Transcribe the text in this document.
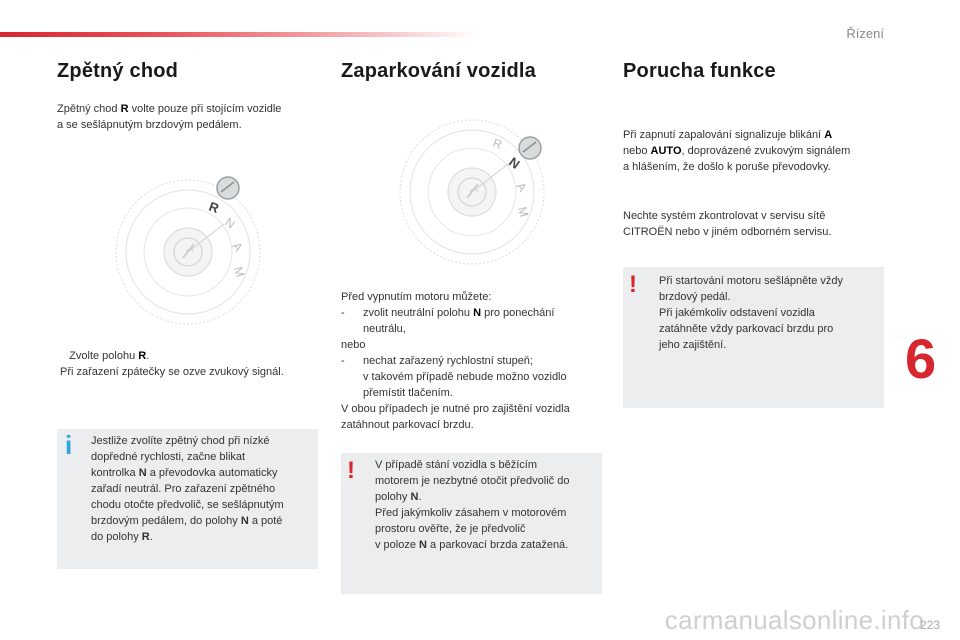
Řízení
6
Zpětný chod
Zpětný chod R volte pouze při stojícím vozidle
a se sešlápnutým brzdovým pedálem.
R
N
A
M
Zvolte polohu R.
Při zařazení zpátečky se ozve zvukový signál.
i Jestliže zvolíte zpětný chod při nízké
dopředné rychlosti, začne blikat
kontrolka N a převodovka automaticky
zařadí neutrál. Pro zařazení zpětného
chodu otočte předvolič, se sešlápnutým
brzdovým pedálem, do polohy N a poté
do polohy R.
Zaparkování vozidla
R
N
A
M
Před vypnutím motoru můžete:
- zvolit neutrální polohu N pro ponechání
neutrálu,
nebo
- nechat zařazený rychlostní stupeň;
v takovém případě nebude možno vozidlo
přemístit tlačením.
V obou případech je nutné pro zajištění vozidla
zatáhnout parkovací brzdu.
! V případě stání vozidla s běžícím
motorem je nezbytné otočit předvolič do
polohy N.
Před jakýmkoliv zásahem v motorovém
prostoru ověřte, že je předvolič
v poloze N a parkovací brzda zatažená.
Porucha funkce
Při zapnutí zapalování signalizuje blikání A
nebo AUTO, doprovázené zvukovým signálem
a hlášením, že došlo k poruše převodovky.
Nechte systém zkontrolovat v servisu sítě
CITROËN nebo v jiném odborném servisu.
! Při startování motoru sešlápněte vždy
brzdový pedál.
Při jakémkoliv odstavení vozidla
zatáhněte vždy parkovací brzdu pro
jeho zajištění.
carmanualsonline.info
223
